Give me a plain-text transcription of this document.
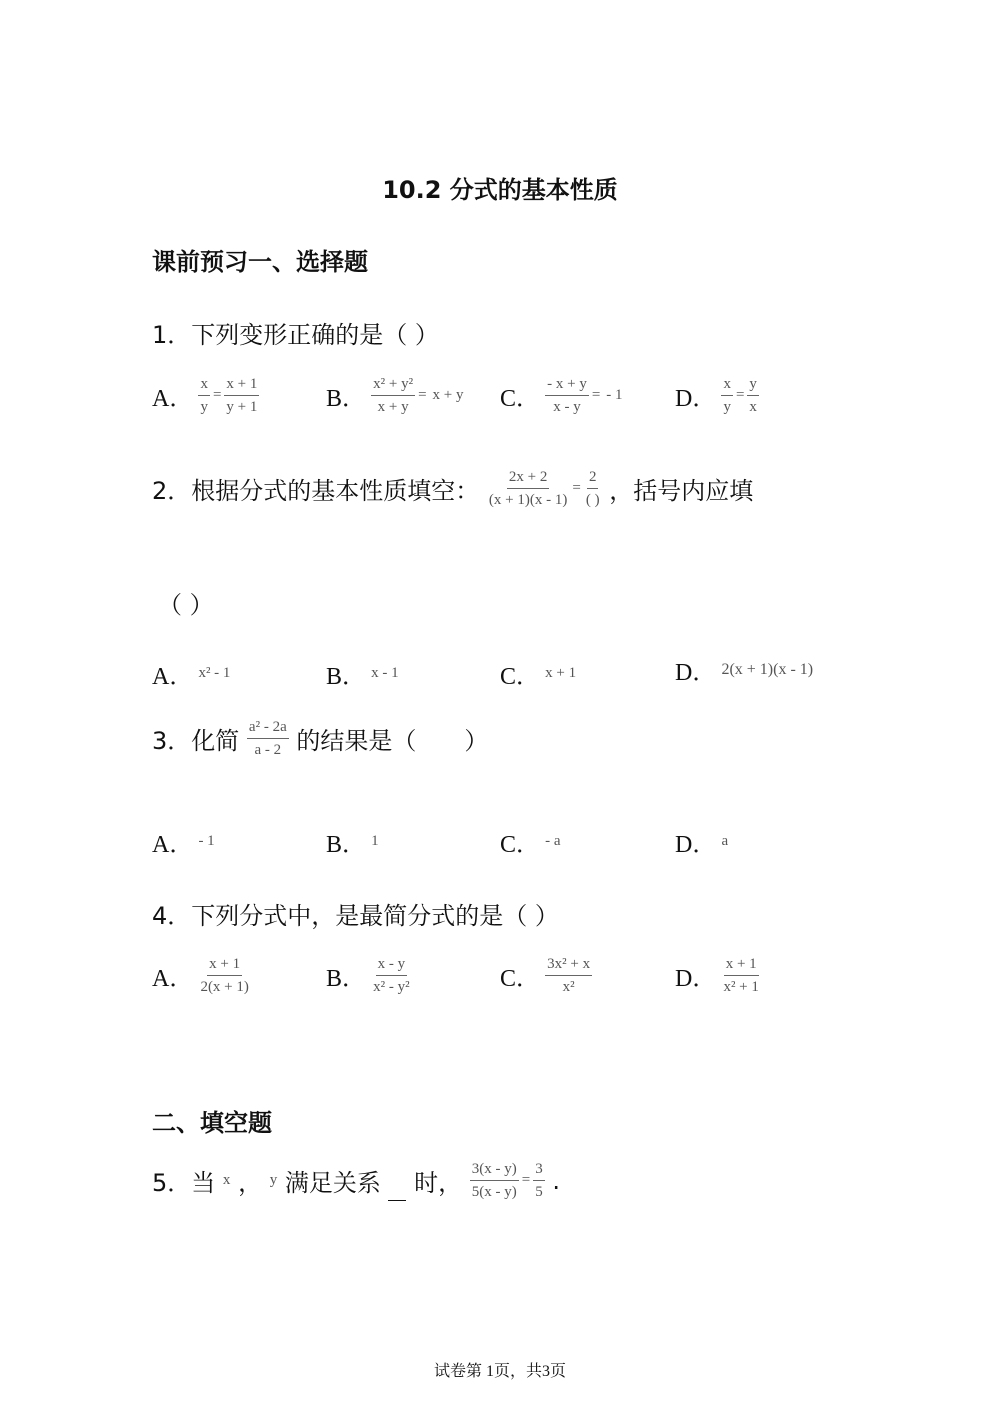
10.2 分式的基本性质
课前预习一、选择题
1．下列变形正确的是（ ）
A． $\frac{x}{y} = \frac{x + 1}{y + 1}$	B． $\frac{\text{x² + y²}}{x + y} = x + y$ C． $\frac{- x + y}{x - y}$ = - 1 D． $\frac{x}{y} = \frac{y}{x}$
2．根据分式的基本性质填空： $\frac{2x + 2}{(x + 1)(x - 1)} = \frac{2}{( )}$ ，括号内应填
（ ）
A． x² - 1	B． x - 1	C． x + 1	D． 2(x + 1)(x - 1)
3．化简 $\frac{\text{a² - 2a}}{a - 2}$ 的结果是（　　）
A． - 1	B． 1	C． - a	D． a
4．下列分式中，是最简分式的是（ ）
A． $\frac{x + 1}{2(x + 1)}$	B． $\frac{x - y}{\text{x² - y²}}$	C． $\frac{\text{3x² + x}}{\text{x²}}$	D． $\frac{x + 1}{\text{x² + 1}}$
二、填空题
5．当 x ， y 满足关系 时， $\frac{3(x - y)}{5(x - y)} = \frac{3}{5}$ .
试卷第 1页，共3页
